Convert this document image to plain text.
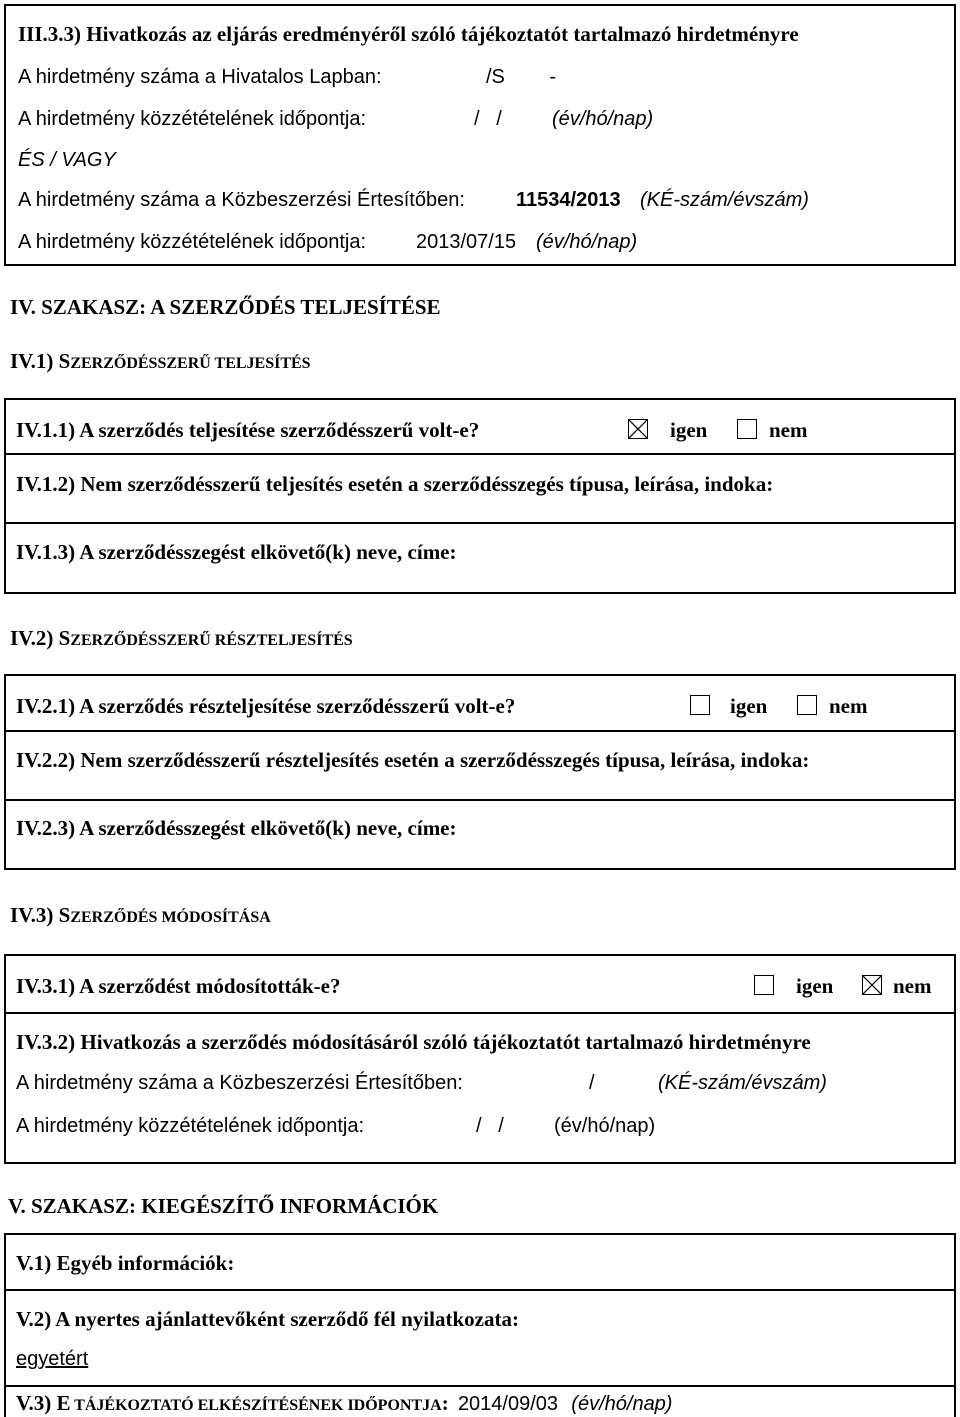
III.3.3) Hivatkozás az eljárás eredményéről szóló tájékoztatót tartalmazó hirdetményre
A hirdetmény száma a Hivatalos Lapban:	/S        -
A hirdetmény közzétételének időpontja:	/   /	(év/hó/nap)
ÉS / VAGY
A hirdetmény száma a Közbeszerzési Értesítőben:	11534/2013 (KÉ-szám/évszám)
A hirdetmény közzétételének időpontja:	2013/07/15 (év/hó/nap)
IV. SZAKASZ: A SZERZŐDÉS TELJESÍTÉSE
IV.1) SZERZŐDÉSSZERŰ TELJESÍTÉS
IV.1.1) A szerződés teljesítése szerződésszerű volt-e?	igen	nem
IV.1.2) Nem szerződésszerű teljesítés esetén a szerződésszegés típusa, leírása, indoka:
IV.1.3) A szerződésszegést elkövető(k) neve, címe:
IV.2) SZERZŐDÉSSZERŰ RÉSZTELJESÍTÉS
IV.2.1) A szerződés részteljesítése szerződésszerű volt-e?	igen	nem
IV.2.2) Nem szerződésszerű részteljesítés esetén a szerződésszegés típusa, leírása, indoka:
IV.2.3) A szerződésszegést elkövető(k) neve, címe:
IV.3) SZERZŐDÉS MÓDOSÍTÁSA
IV.3.1) A szerződést módosították-e?	igen	nem
IV.3.2) Hivatkozás a szerződés módosításáról szóló tájékoztatót tartalmazó hirdetményre
A hirdetmény száma a Közbeszerzési Értesítőben:	/	(KÉ-szám/évszám)
A hirdetmény közzétételének időpontja:	/   /	(év/hó/nap)
V. SZAKASZ: KIEGÉSZÍTŐ INFORMÁCIÓK
V.1) Egyéb információk:
V.2) A nyertes ajánlattevőként szerződő fél nyilatkozata:
egyetért
V.3) E TÁJÉKOZTATÓ ELKÉSZÍTÉSÉNEK IDŐPONTJA: 2014/09/03 (év/hó/nap)
